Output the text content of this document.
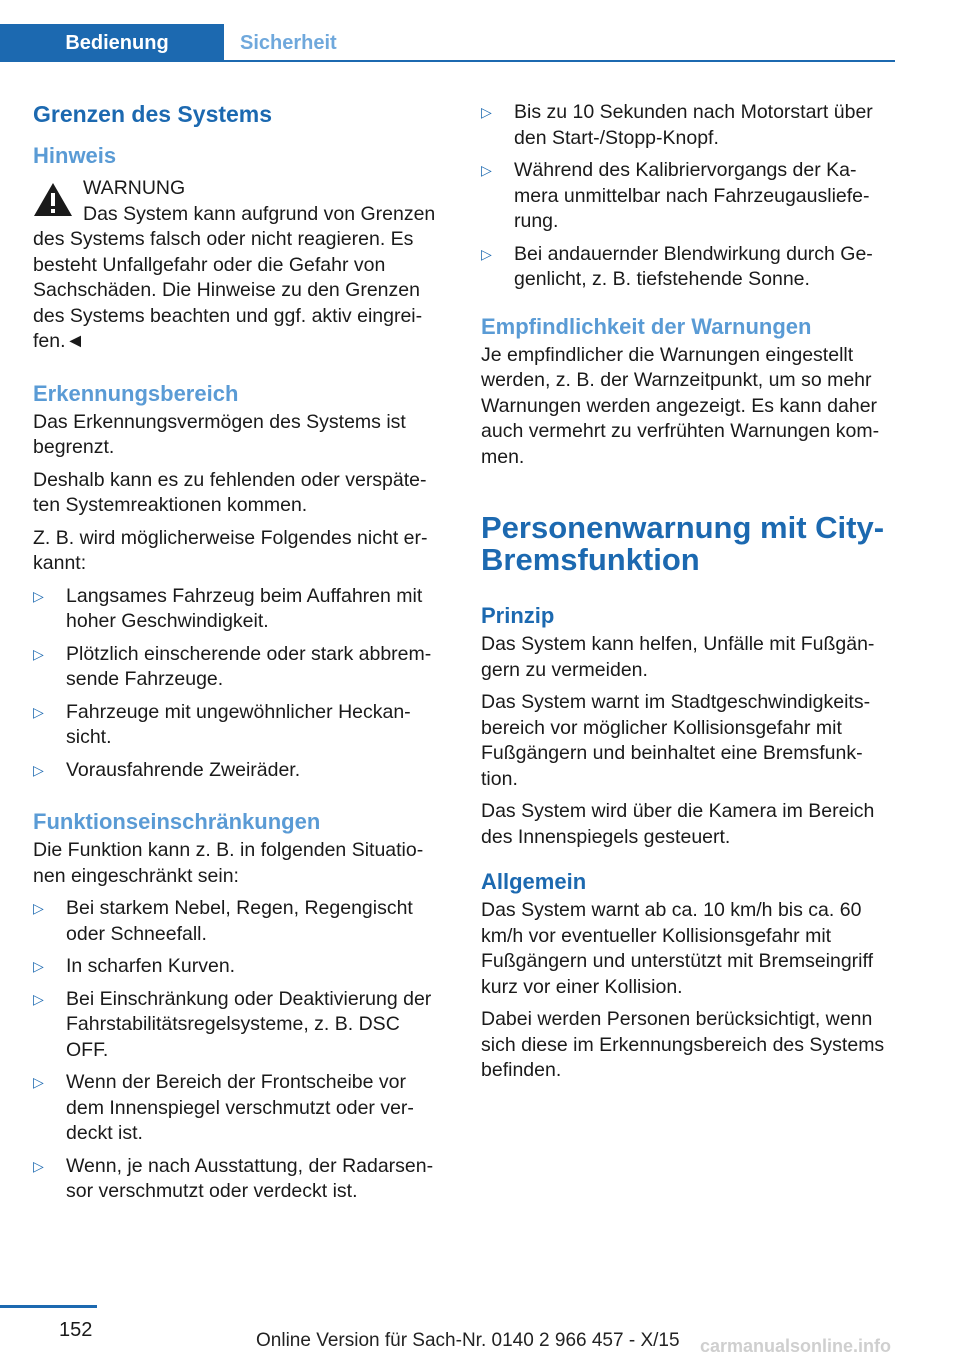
Bedienung	Sicherheit
Grenzen des Systems
Hinweis
WARNUNG
Das System kann aufgrund von Grenzen des Systems falsch oder nicht reagieren. Es besteht Unfallgefahr oder die Gefahr von Sachschäden. Die Hinweise zu den Grenzen des Systems beachten und ggf. aktiv eingrei‐fen.◄
Erkennungsbereich

Das Erkennungsvermögen des Systems ist begrenzt.

Deshalb kann es zu fehlenden oder verspäte‐ten Systemreaktionen kommen.

Z. B. wird möglicherweise Folgendes nicht er‐kannt:

▷ Langsames Fahrzeug beim Auffahren mit hoher Geschwindigkeit.
▷ Plötzlich einscherende oder stark abbrem‐sende Fahrzeuge.
▷ Fahrzeuge mit ungewöhnlicher Heckan‐sicht.
▷ Vorausfahrende Zweiräder.
Funktionseinschränkungen

Die Funktion kann z. B. in folgenden Situatio‐nen eingeschränkt sein:

▷ Bei starkem Nebel, Regen, Regengischt oder Schneefall.
▷ In scharfen Kurven.
▷ Bei Einschränkung oder Deaktivierung der Fahrstabilitätsregelsysteme, z. B. DSC OFF.
▷ Wenn der Bereich der Frontscheibe vor dem Innenspiegel verschmutzt oder ver‐deckt ist.
▷ Wenn, je nach Ausstattung, der Radarsen‐sor verschmutzt oder verdeckt ist.
▷ Bis zu 10 Sekunden nach Motorstart über den Start-/Stopp-Knopf.
▷ Während des Kalibriervorgangs der Ka‐mera unmittelbar nach Fahrzeugausliefe‐rung.
▷ Bei andauernder Blendwirkung durch Ge‐genlicht, z. B. tiefstehende Sonne.
Empfindlichkeit der Warnungen

Je empfindlicher die Warnungen eingestellt werden, z. B. der Warnzeitpunkt, um so mehr Warnungen werden angezeigt. Es kann daher auch vermehrt zu verfrühten Warnungen kom‐men.

Personenwarnung mit City-Bremsfunktion
Prinzip

Das System kann helfen, Unfälle mit Fußgän‐gern zu vermeiden.

Das System warnt im Stadtgeschwindigkeits‐bereich vor möglicher Kollisionsgefahr mit Fußgängern und beinhaltet eine Bremsfunk‐tion.

Das System wird über die Kamera im Bereich des Innenspiegels gesteuert.

Allgemein

Das System warnt ab ca. 10 km/h bis ca. 60 km/h vor eventueller Kollisionsgefahr mit Fußgängern und unterstützt mit Bremseingriff kurz vor einer Kollision.

Dabei werden Personen berücksichtigt, wenn sich diese im Erkennungsbereich des Systems befinden.

152	Online Version für Sach-Nr. 0140 2 966 457 - X/15 carmanualsonline.info
